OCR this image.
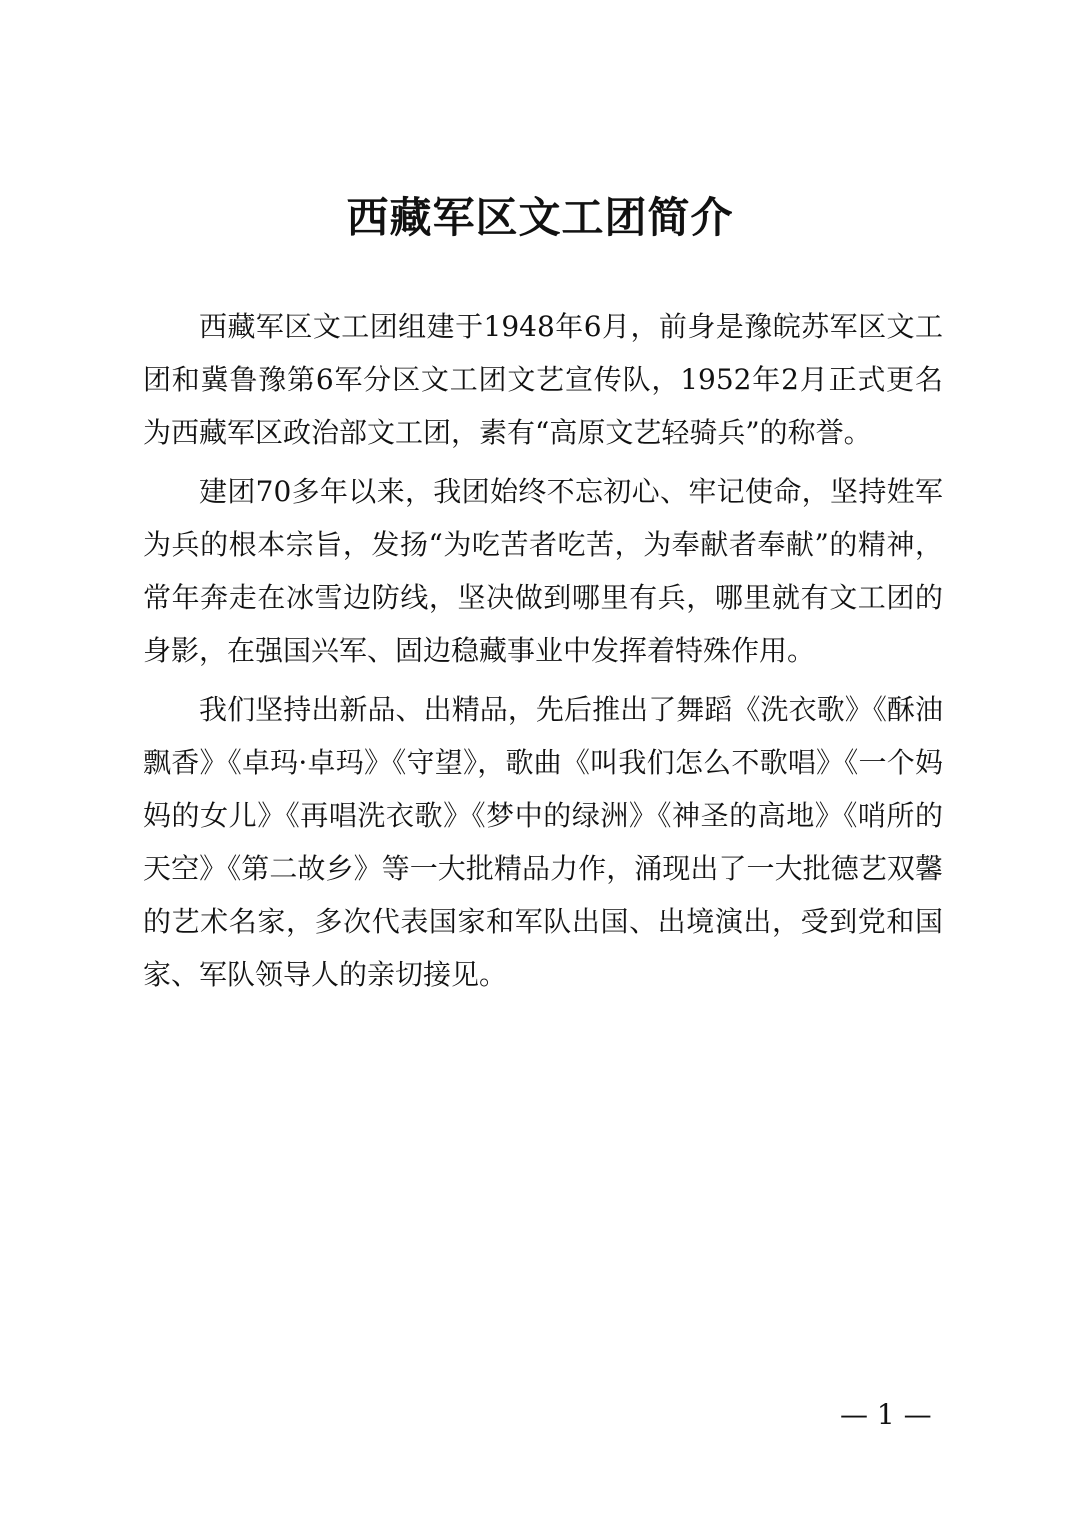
西藏军区文工团简介

西藏军区文工团组建于1948年6月，前身是豫皖苏军区文工团和冀鲁豫第6军分区文工团文艺宣传队，1952年2月正式更名为西藏军区政治部文工团，素有“高原文艺轻骑兵”的称誉。

建团70多年以来，我团始终不忘初心、牢记使命，坚持姓军为兵的根本宗旨，发扬“为吃苦者吃苦，为奉献者奉献”的精神，常年奔走在冰雪边防线，坚决做到哪里有兵，哪里就有文工团的身影，在强国兴军、固边稳藏事业中发挥着特殊作用。

我们坚持出新品、出精品，先后推出了舞蹈《洗衣歌》《酥油飘香》《卓玛·卓玛》《守望》，歌曲《叫我们怎么不歌唱》《一个妈妈的女儿》《再唱洗衣歌》《梦中的绿洲》《神圣的高地》《哨所的天空》《第二故乡》等一大批精品力作，涌现出了一大批德艺双馨的艺术名家，多次代表国家和军队出国、出境演出，受到党和国家、军队领导人的亲切接见。

— 1 —
